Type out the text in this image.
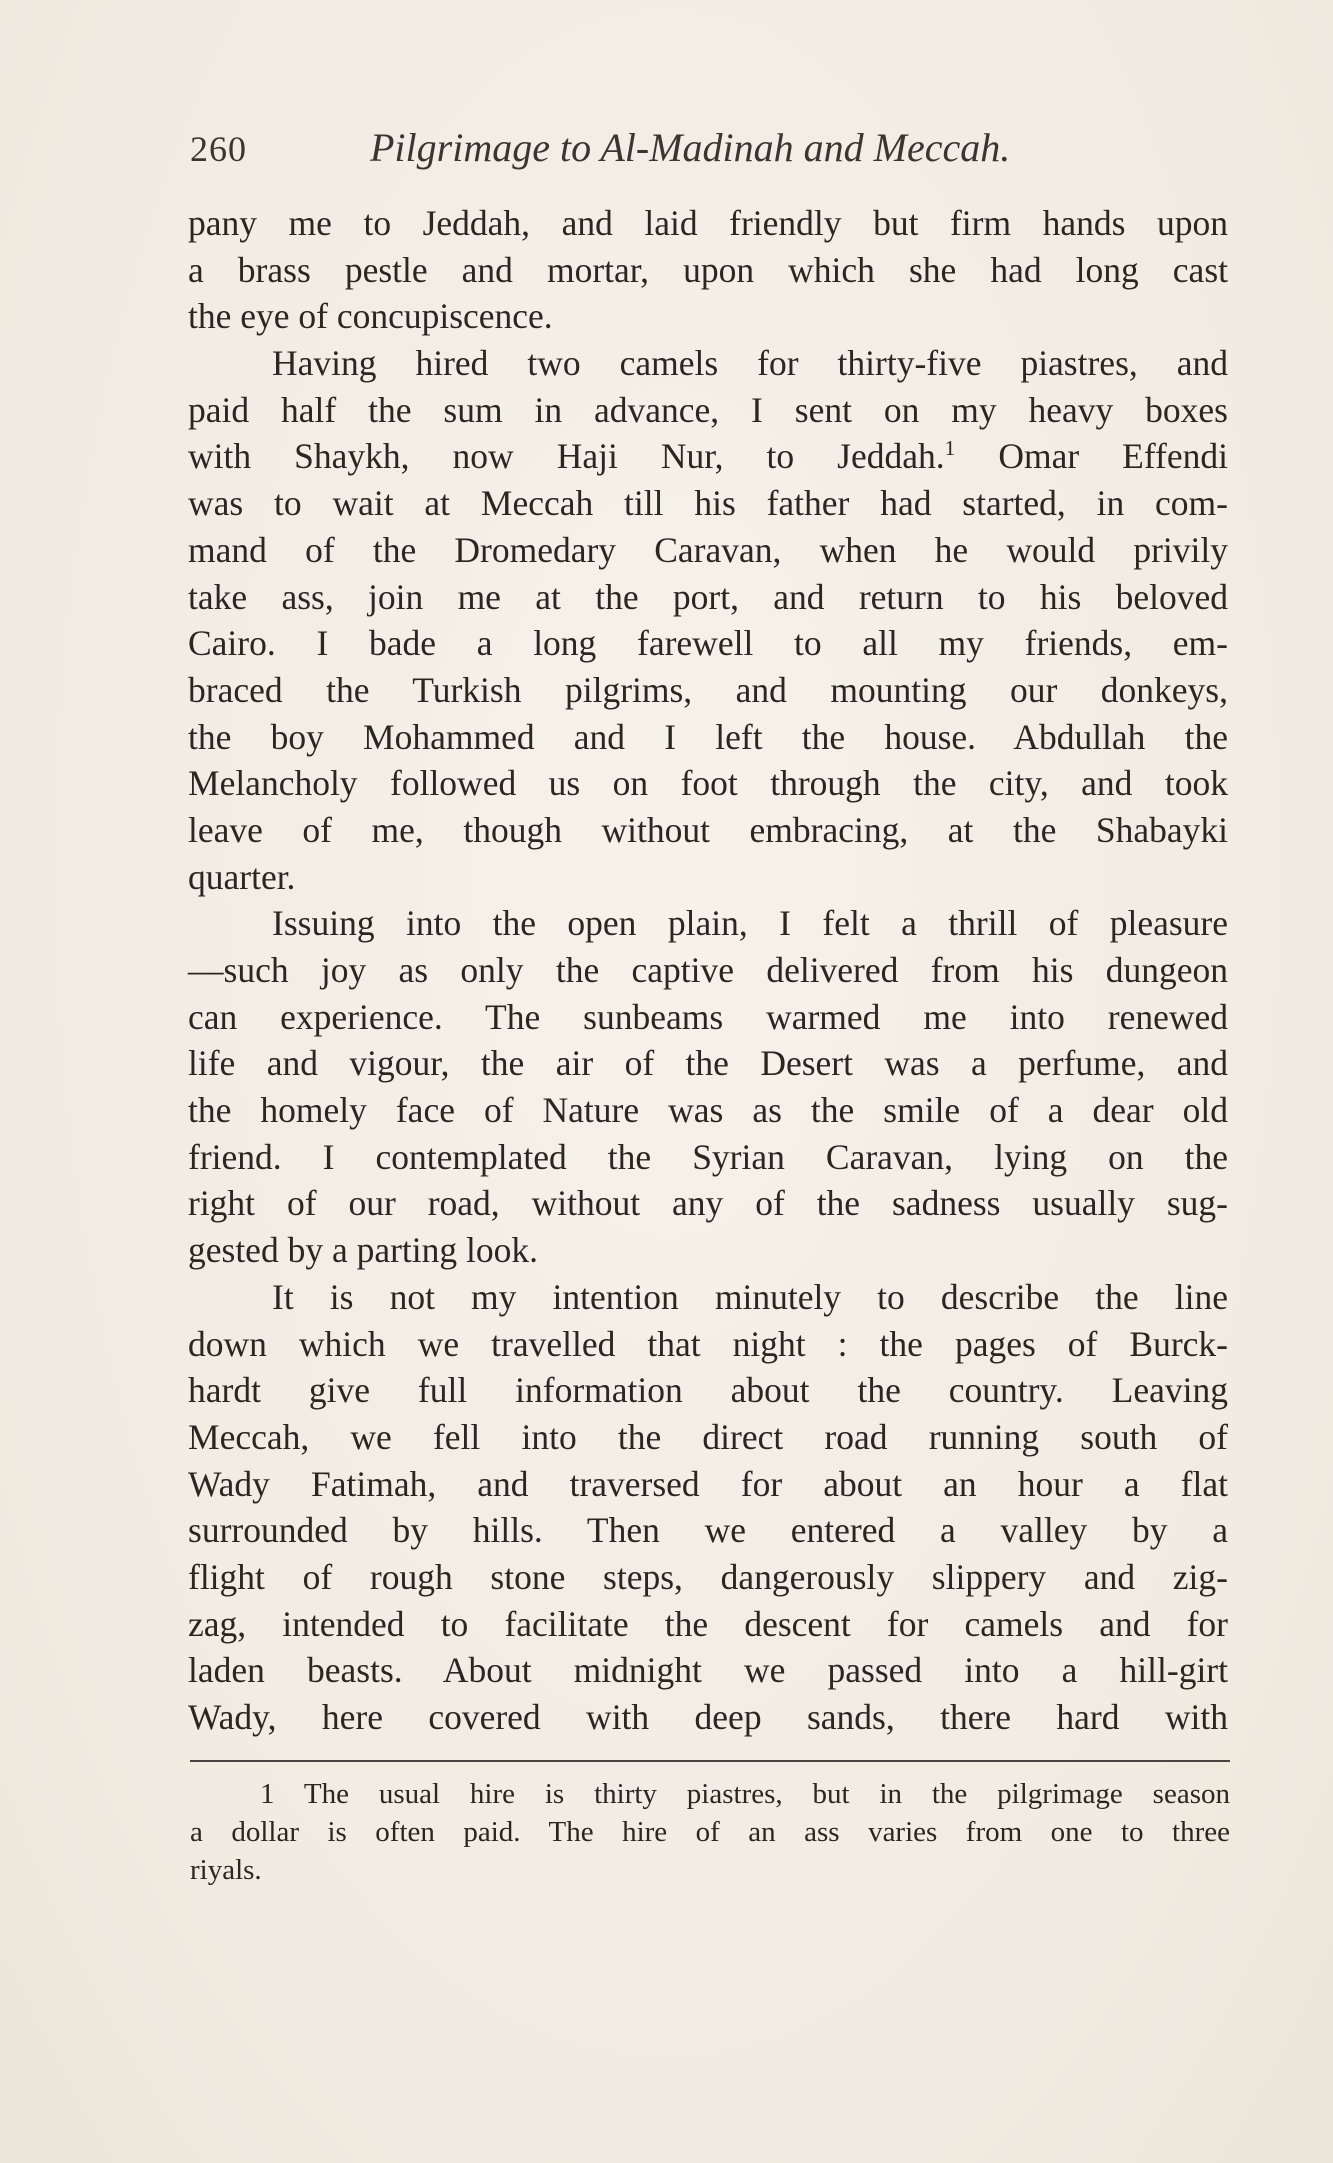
260	Pilgrimage to Al-Madinah and Meccah.
pany me to Jeddah, and laid friendly but firm hands upon
a brass pestle and mortar, upon which she had long cast
the eye of concupiscence.
Having hired two camels for thirty-five piastres, and
paid half the sum in advance, I sent on my heavy boxes
with Shaykh, now Haji Nur, to Jeddah.$^1$ Omar Effendi
was to wait at Meccah till his father had started, in com-
mand of the Dromedary Caravan, when he would privily
take ass, join me at the port, and return to his beloved
Cairo. I bade a long farewell to all my friends, em-
braced the Turkish pilgrims, and mounting our donkeys,
the boy Mohammed and I left the house. Abdullah the
Melancholy followed us on foot through the city, and took
leave of me, though without embracing, at the Shabayki
quarter.
Issuing into the open plain, I felt a thrill of pleasure
—such joy as only the captive delivered from his dungeon
can experience. The sunbeams warmed me into renewed
life and vigour, the air of the Desert was a perfume, and
the homely face of Nature was as the smile of a dear old
friend. I contemplated the Syrian Caravan, lying on the
right of our road, without any of the sadness usually sug-
gested by a parting look.
It is not my intention minutely to describe the line
down which we travelled that night : the pages of Burck-
hardt give full information about the country. Leaving
Meccah, we fell into the direct road running south of
Wady Fatimah, and traversed for about an hour a flat
surrounded by hills. Then we entered a valley by a
flight of rough stone steps, dangerously slippery and zig-
zag, intended to facilitate the descent for camels and for
laden beasts. About midnight we passed into a hill-girt
Wady, here covered with deep sands, there hard with
1 The usual hire is thirty piastres, but in the pilgrimage season
a dollar is often paid. The hire of an ass varies from one to three
riyals.
